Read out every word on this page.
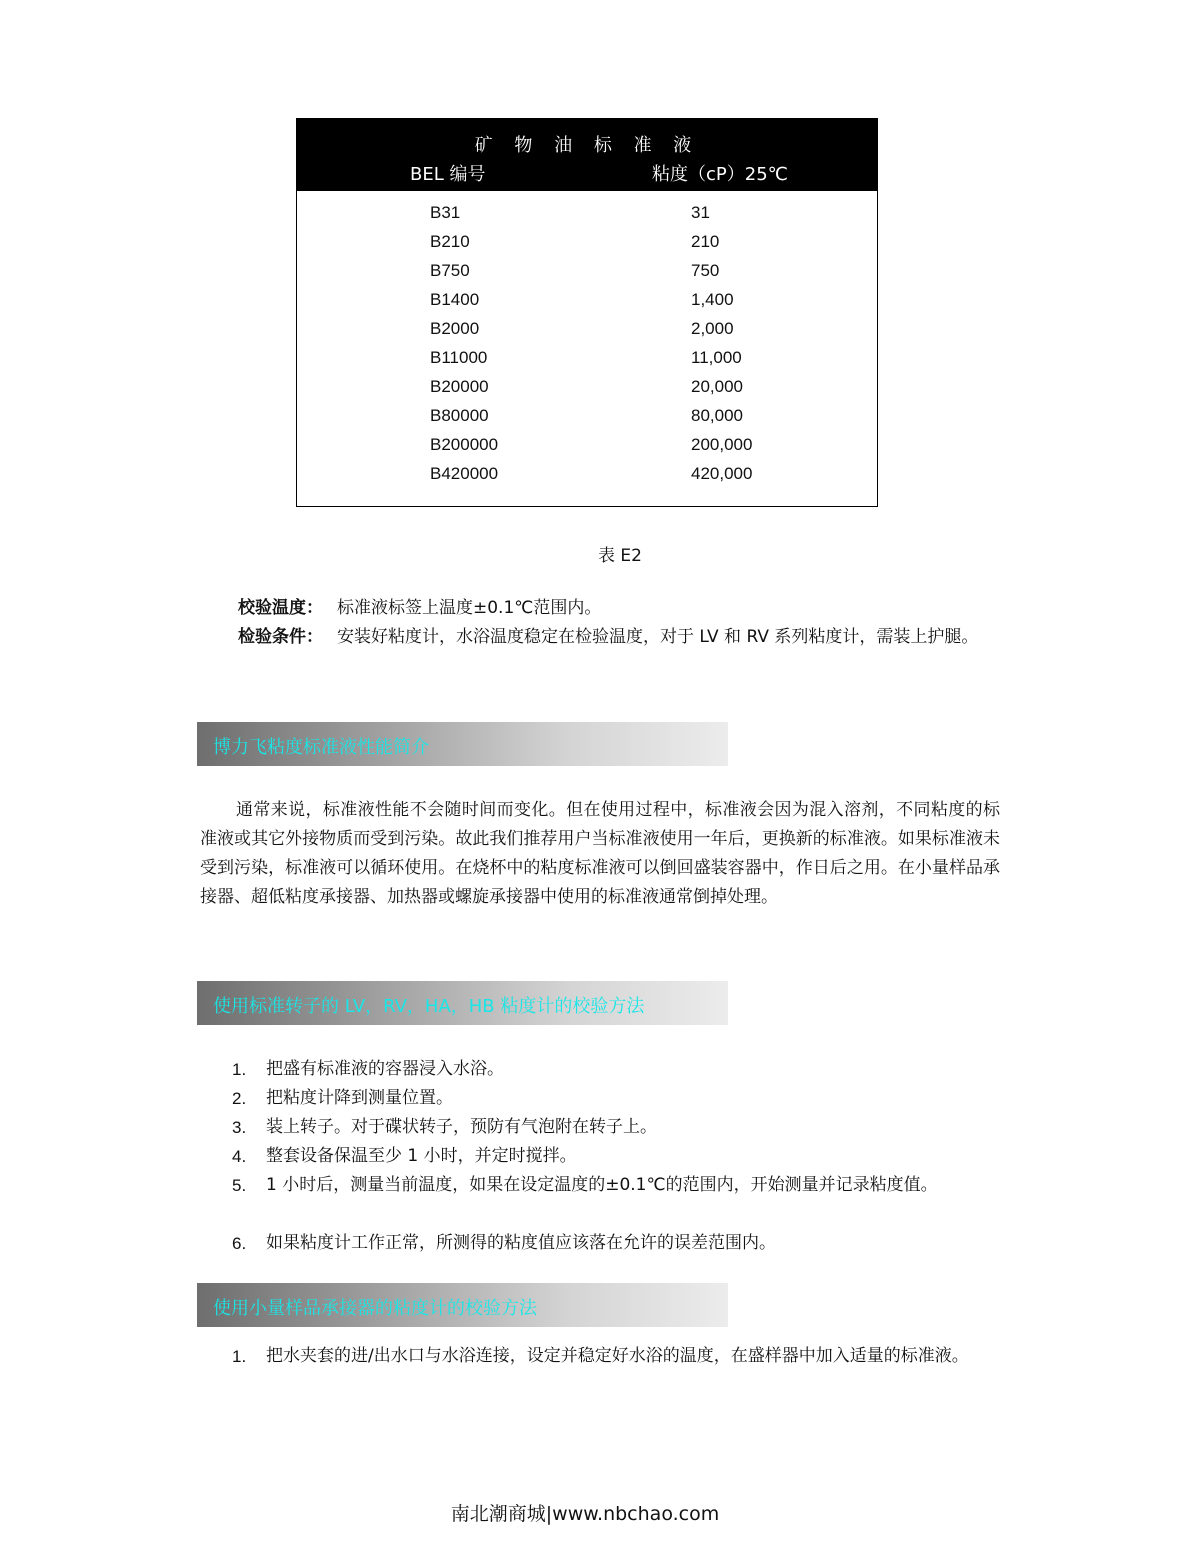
矿 物 油 标 准 液
BEL 编号	粘度（cP）25℃
B31	31
B210	210
B750	750
B1400	1,400
B2000	2,000
B11000	11,000
B20000	20,000
B80000	80,000
B200000	200,000
B420000	420,000
表 E2
校验温度： 标准液标签上温度±0.1℃范围内。
检验条件： 安装好粘度计，水浴温度稳定在检验温度，对于 LV 和 RV 系列粘度计，需装上护腿。
博力飞粘度标准液性能简介
通常来说，标准液性能不会随时间而变化。但在使用过程中，标准液会因为混入溶剂，不同粘度的标准液或其它外接物质而受到污染。故此我们推荐用户当标准液使用一年后，更换新的标准液。如果标准液未受到污染，标准液可以循环使用。在烧杯中的粘度标准液可以倒回盛装容器中，作日后之用。在小量样品承接器、超低粘度承接器、加热器或螺旋承接器中使用的标准液通常倒掉处理。
使用标准转子的 LV，RV，HA，HB 粘度计的校验方法
1. 把盛有标准液的容器浸入水浴。
2. 把粘度计降到测量位置。
3. 装上转子。对于碟状转子，预防有气泡附在转子上。
4. 整套设备保温至少 1 小时，并定时搅拌。
5. 1 小时后，测量当前温度，如果在设定温度的±0.1℃的范围内，开始测量并记录粘度值。
6. 如果粘度计工作正常，所测得的粘度值应该落在允许的误差范围内。
使用小量样品承接器的粘度计的校验方法
1. 把水夹套的进/出水口与水浴连接，设定并稳定好水浴的温度，在盛样器中加入适量的标准液。
南北潮商城|www.nbchao.com
